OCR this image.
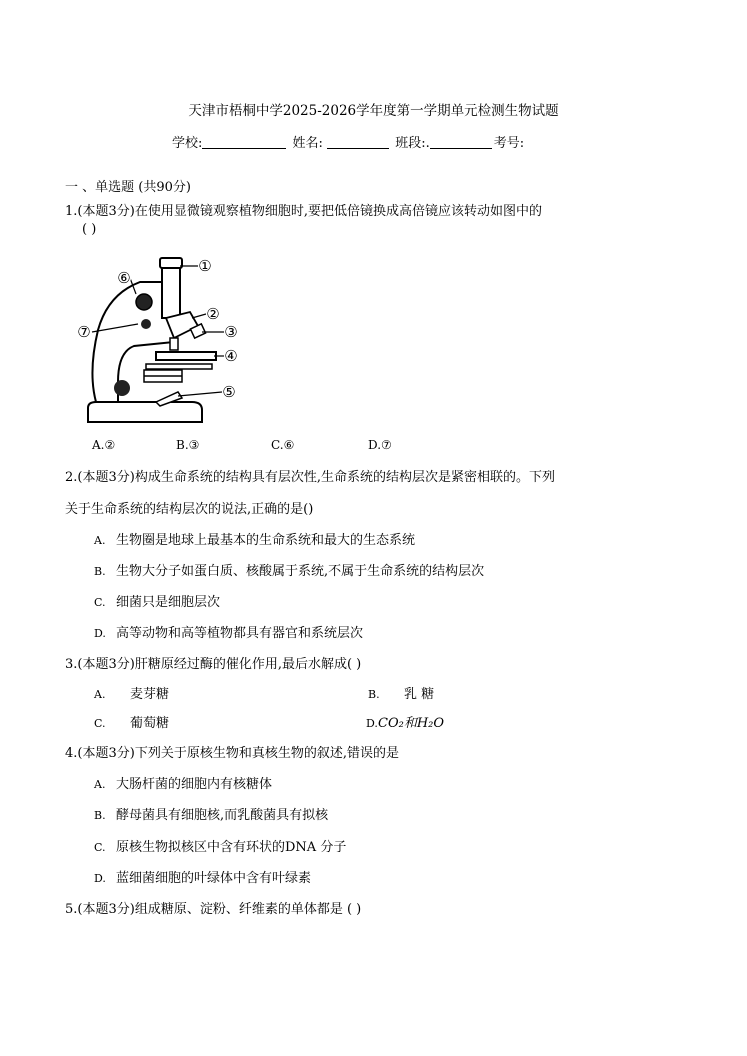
天津市梧桐中学2025-2026学年度第一学期单元检测生物试题
学校:	姓名:	班段:.	考号:
一 、单选题 (共90分)
1.(本题3分)在使用显微镜观察植物细胞时,要把低倍镜换成高倍镜应该转动如图中的
( )
①
②
③
④
⑤
⑥
⑦
A.②	B.③	C.⑥	D.⑦
2.(本题3分)构成生命系统的结构具有层次性,生命系统的结构层次是紧密相联的。下列
关于生命系统的结构层次的说法,正确的是()
A. 生物圈是地球上最基本的生命系统和最大的生态系统
B. 生物大分子如蛋白质、核酸属于系统,不属于生命系统的结构层次
C. 细菌只是细胞层次
D. 高等动物和高等植物都具有器官和系统层次
3.(本题3分)肝糖原经过酶的催化作用,最后水解成( )
A. 麦芽糖	B. 乳 糖
C. 葡萄糖	D.CO₂和H₂O
4.(本题3分)下列关于原核生物和真核生物的叙述,错误的是
A. 大肠杆菌的细胞内有核糖体
B. 酵母菌具有细胞核,而乳酸菌具有拟核
C. 原核生物拟核区中含有环状的DNA 分子
D. 蓝细菌细胞的叶绿体中含有叶绿素
5.(本题3分)组成糖原、淀粉、纤维素的单体都是 ( )
